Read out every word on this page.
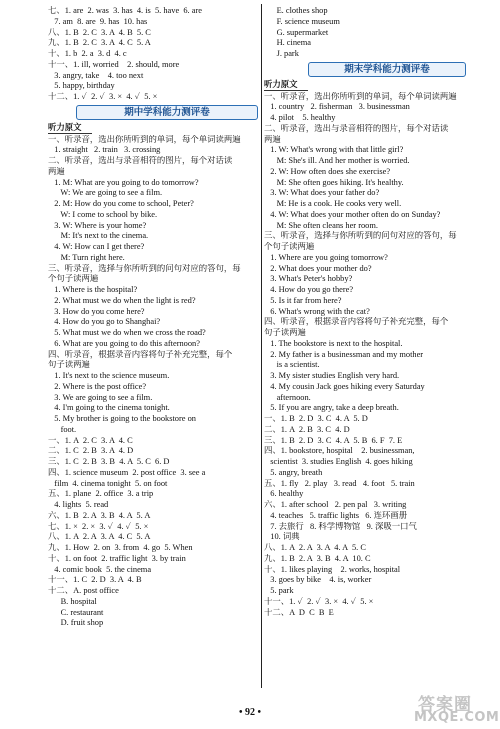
七、1. are  2. was  3. has  4. is  5. have  6. are
7. am  8. are  9. has  10. has
八、1. B  2. C  3. A  4. B  5. C
九、1. B  2. C  3. A  4. C  5. A
十、1. b  2. a  3. d  4. c
十一、1. ill, worried    2. should, more
3. angry, take    4. too next
5. happy, birthday
十二、1. ✓  2. ✓  3. ×  4. ✓  5. ×
期中学科能力测评卷
听力原文
一、听录音，选出你所听到的单词，每个单词读两遍
1. straight   2. train   3. crossing
二、听录音，选出与录音相符的图片，每个对话读
两遍
1. M: What are you going to do tomorrow?
W: We are going to see a film.
2. M: How do you come to school, Peter?
W: I come to school by bike.
3. W: Where is your home?
M: It's next to the cinema.
4. W: How can I get there?
M: Turn right here.
三、听录音，选择与你所听到的问句对应的答句，每
个句子读两遍
1. Where is the hospital?
2. What must we do when the light is red?
3. How do you come here?
4. How do you go to Shanghai?
5. What must we do when we cross the road?
6. What are you going to do this afternoon?
四、听录音，根据录音内容将句子补充完整，每个
句子读两遍
1. It's next to the science museum.
2. Where is the post office?
3. We are going to see a film.
4. I'm going to the cinema tonight.
5. My brother is going to the bookstore on
foot.
一、1. A  2. C  3. A  4. C
二、1. C  2. B  3. A  4. D
三、1. C  2. B  3. B  4. A  5. C  6. D
四、1. science museum  2. post office  3. see a
film  4. cinema tonight  5. on foot
五、1. plane  2. office  3. a trip
4. lights  5. read
六、1. B  2. A  3. B  4. A  5. A
七、1. ×  2. ×  3. ✓  4. ✓  5. ×
八、1. A  2. A  3. A  4. C  5. A
九、1. How  2. on  3. from  4. go  5. When
十、1. on foot  2. traffic light  3. by train
4. comic book  5. the cinema
十一、1. C  2. D  3. A  4. B
十二、A. post office
B. hospital
C. restaurant
D. fruit shop
E. clothes shop
F. science museum
G. supermarket
H. cinema
J. park
期末学科能力测评卷
听力原文
一、听录音，选出你所听到的单词，每个单词读两遍
1. country   2. fisherman   3. businessman
4. pilot    5. healthy
二、听录音，选出与录音相符的图片，每个对话读
两遍
1. W: What's wrong with that little girl?
M: She's ill. And her mother is worried.
2. W: How often does she exercise?
M: She often goes hiking. It's healthy.
3. W: What does your father do?
M: He is a cook. He cooks very well.
4. W: What does your mother often do on Sunday?
M: She often cleans her room.
三、听录音，选择与你所听到的问句对应的答句，每
个句子读两遍
1. Where are you going tomorrow?
2. What does your mother do?
3. What's Peter's hobby?
4. How do you go there?
5. Is it far from here?
6. What's wrong with the cat?
四、听录音，根据录音内容将句子补充完整，每个
句子读两遍
1. The bookstore is next to the hospital.
2. My father is a businessman and my mother
is a scientist.
3. My sister studies English very hard.
4. My cousin Jack goes hiking every Saturday
afternoon.
5. If you are angry, take a deep breath.
一、1. B  2. D  3. C  4. A  5. D
二、1. A  2. B  3. C  4. D
三、1. B  2. D  3. C  4. A  5. B  6. F  7. E
四、1. bookstore, hospital    2. businessman,
scientist  3. studies English  4. goes hiking
5. angry, breath
五、1. fly   2. play   3. read   4. foot   5. train
6. healthy
六、1. after school   2. pen pal   3. writing
4. teaches   5. traffic lights   6. 连环画册
7. 去旅行   8. 科学博物馆   9. 深吸一口气
10. 词典
八、1. A  2. A  3. A  4. A  5. C
九、1. B  2. A  3. B  4. A  10. C
十、1. likes playing    2. works, hospital
3. goes by bike    4. is, worker
5. park
十一、1. ✓  2. ✓  3. ×  4. ✓  5. ×
十二、A  D  C  B  E
• 92 •	答案圈
MXQE.COM
